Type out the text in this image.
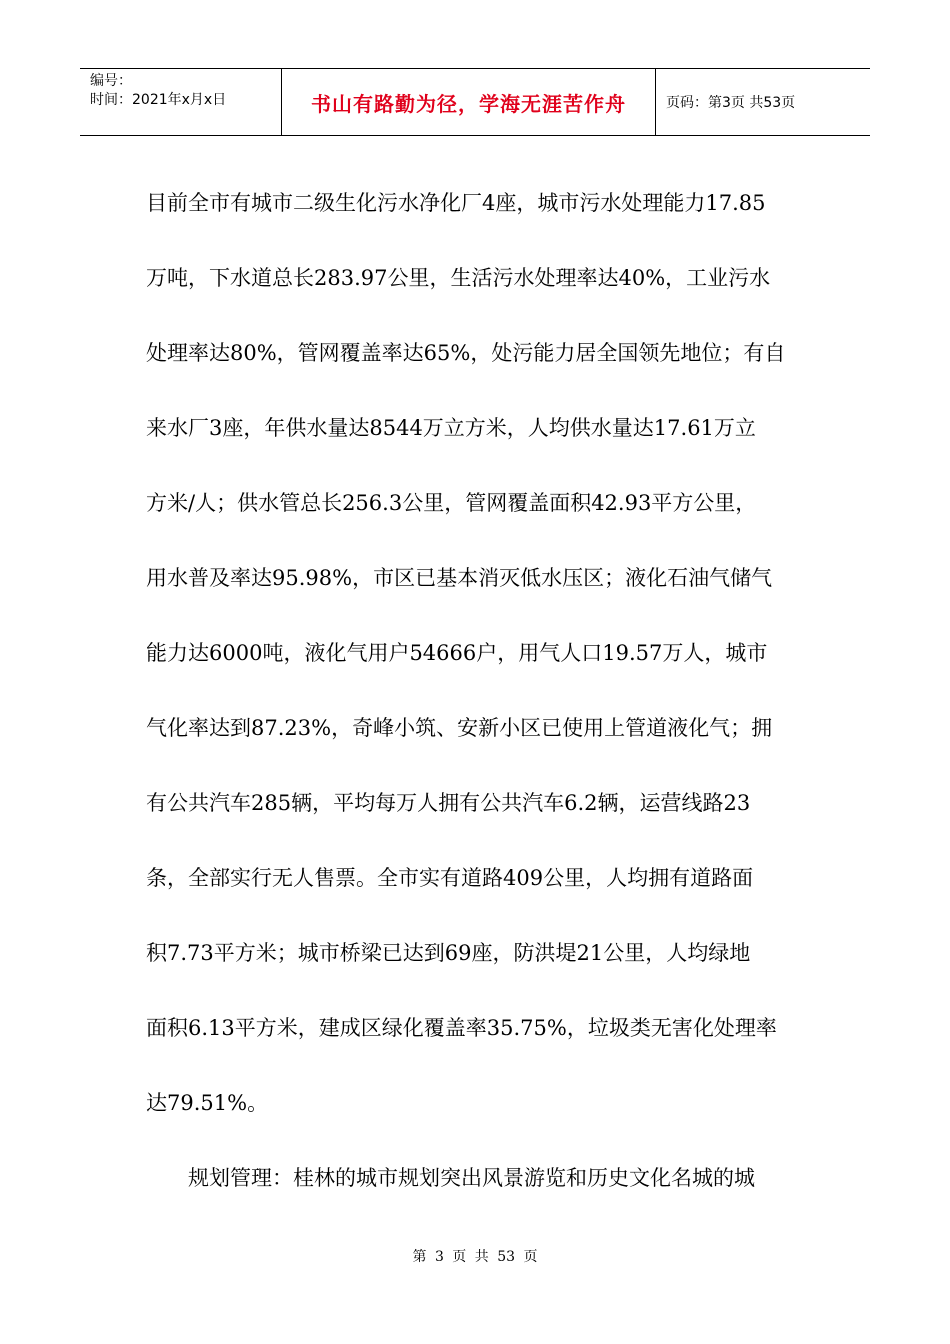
编号：
时间：2021年x月x日	书山有路勤为径，学海无涯苦作舟	页码：第3页 共53页
目前全市有城市二级生化污水净化厂4座，城市污水处理能力17.85
万吨，下水道总长283.97公里，生活污水处理率达40%，工业污水
处理率达80%，管网覆盖率达65%，处污能力居全国领先地位；有自
来水厂3座，年供水量达8544万立方米，人均供水量达17.61万立
方米/人；供水管总长256.3公里，管网覆盖面积42.93平方公里，
用水普及率达95.98%，市区已基本消灭低水压区；液化石油气储气
能力达6000吨，液化气用户54666户，用气人口19.57万人，城市
气化率达到87.23%，奇峰小筑、安新小区已使用上管道液化气；拥
有公共汽车285辆，平均每万人拥有公共汽车6.2辆，运营线路23
条，全部实行无人售票。全市实有道路409公里，人均拥有道路面
积7.73平方米；城市桥梁已达到69座，防洪堤21公里，人均绿地
面积6.13平方米，建成区绿化覆盖率35.75%，垃圾类无害化处理率
达79.51%。
规划管理：桂林的城市规划突出风景游览和历史文化名城的城
第 3 页 共 53 页
